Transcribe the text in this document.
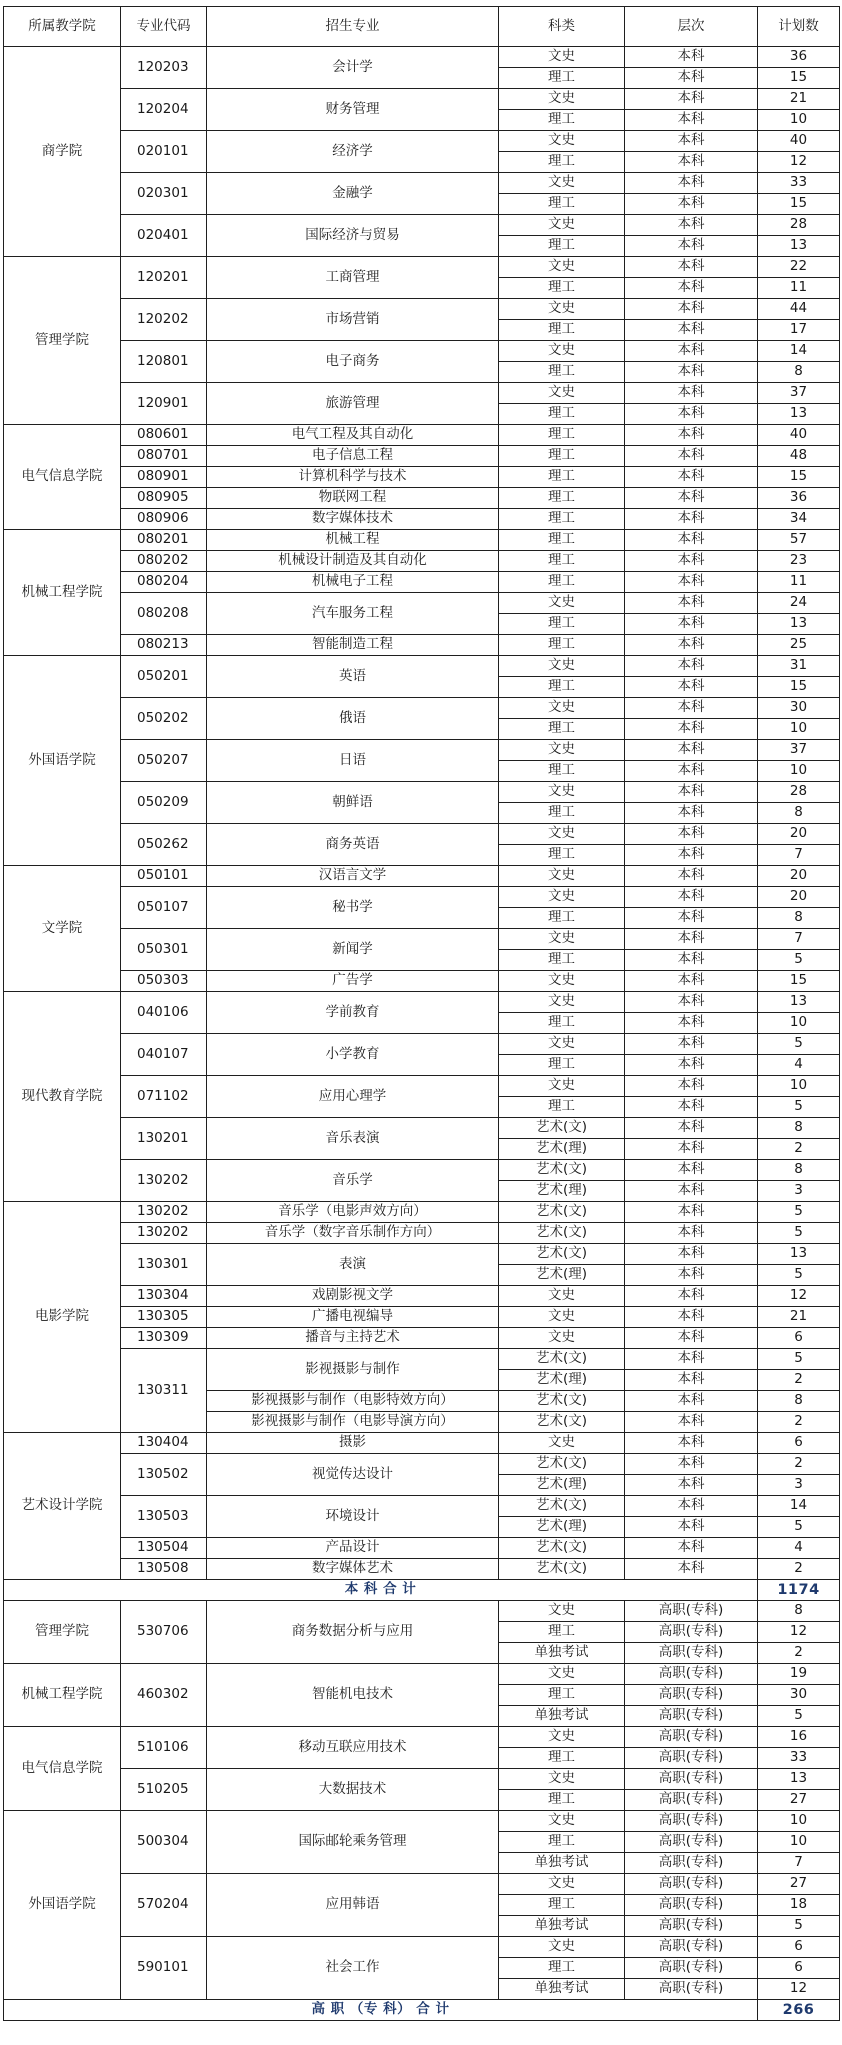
所属教学院	专业代码	招生专业	科类	层次	计划数
商学院	120203	会计学	文史	本科	36
			理工	本科	15
	120204	财务管理	文史	本科	21
			理工	本科	10
	020101	经济学	文史	本科	40
			理工	本科	12
	020301	金融学	文史	本科	33
			理工	本科	15
	020401	国际经济与贸易	文史	本科	28
			理工	本科	13
管理学院	120201	工商管理	文史	本科	22
			理工	本科	11
	120202	市场营销	文史	本科	44
			理工	本科	17
	120801	电子商务	文史	本科	14
			理工	本科	8
	120901	旅游管理	文史	本科	37
			理工	本科	13
电气信息学院	080601	电气工程及其自动化	理工	本科	40
	080701	电子信息工程	理工	本科	48
	080901	计算机科学与技术	理工	本科	15
	080905	物联网工程	理工	本科	36
	080906	数字媒体技术	理工	本科	34
机械工程学院	080201	机械工程	理工	本科	57
	080202	机械设计制造及其自动化	理工	本科	23
	080204	机械电子工程	理工	本科	11
	080208	汽车服务工程	文史	本科	24
			理工	本科	13
	080213	智能制造工程	理工	本科	25
外国语学院	050201	英语	文史	本科	31
			理工	本科	15
	050202	俄语	文史	本科	30
			理工	本科	10
	050207	日语	文史	本科	37
			理工	本科	10
	050209	朝鲜语	文史	本科	28
			理工	本科	8
	050262	商务英语	文史	本科	20
			理工	本科	7
文学院	050101	汉语言文学	文史	本科	20
	050107	秘书学	文史	本科	20
			理工	本科	8
	050301	新闻学	文史	本科	7
			理工	本科	5
	050303	广告学	文史	本科	15
现代教育学院	040106	学前教育	文史	本科	13
			理工	本科	10
	040107	小学教育	文史	本科	5
			理工	本科	4
	071102	应用心理学	文史	本科	10
			理工	本科	5
	130201	音乐表演	艺术(文)	本科	8
			艺术(理)	本科	2
	130202	音乐学	艺术(文)	本科	8
			艺术(理)	本科	3
电影学院	130202	音乐学（电影声效方向）	艺术(文)	本科	5
	130202	音乐学（数字音乐制作方向）	艺术(文)	本科	5
	130301	表演	艺术(文)	本科	13
			艺术(理)	本科	5
	130304	戏剧影视文学	文史	本科	12
	130305	广播电视编导	文史	本科	21
	130309	播音与主持艺术	文史	本科	6
	130311	影视摄影与制作	艺术(文)	本科	5
			艺术(理)	本科	2
		影视摄影与制作（电影特效方向）	艺术(文)	本科	8
		影视摄影与制作（电影导演方向）	艺术(文)	本科	2
艺术设计学院	130404	摄影	文史	本科	6
	130502	视觉传达设计	艺术(文)	本科	2
			艺术(理)	本科	3
	130503	环境设计	艺术(文)	本科	14
			艺术(理)	本科	5
	130504	产品设计	艺术(文)	本科	4
	130508	数字媒体艺术	艺术(文)	本科	2
本 科 合 计					1174
管理学院	530706	商务数据分析与应用	文史	高职(专科)	8
			理工	高职(专科)	12
			单独考试	高职(专科)	2
机械工程学院	460302	智能机电技术	文史	高职(专科)	19
			理工	高职(专科)	30
			单独考试	高职(专科)	5
电气信息学院	510106	移动互联应用技术	文史	高职(专科)	16
			理工	高职(专科)	33
	510205	大数据技术	文史	高职(专科)	13
			理工	高职(专科)	27
外国语学院	500304	国际邮轮乘务管理	文史	高职(专科)	10
			理工	高职(专科)	10
			单独考试	高职(专科)	7
	570204	应用韩语	文史	高职(专科)	27
			理工	高职(专科)	18
			单独考试	高职(专科)	5
	590101	社会工作	文史	高职(专科)	6
			理工	高职(专科)	6
			单独考试	高职(专科)	12
高 职 （专 科） 合 计					266
